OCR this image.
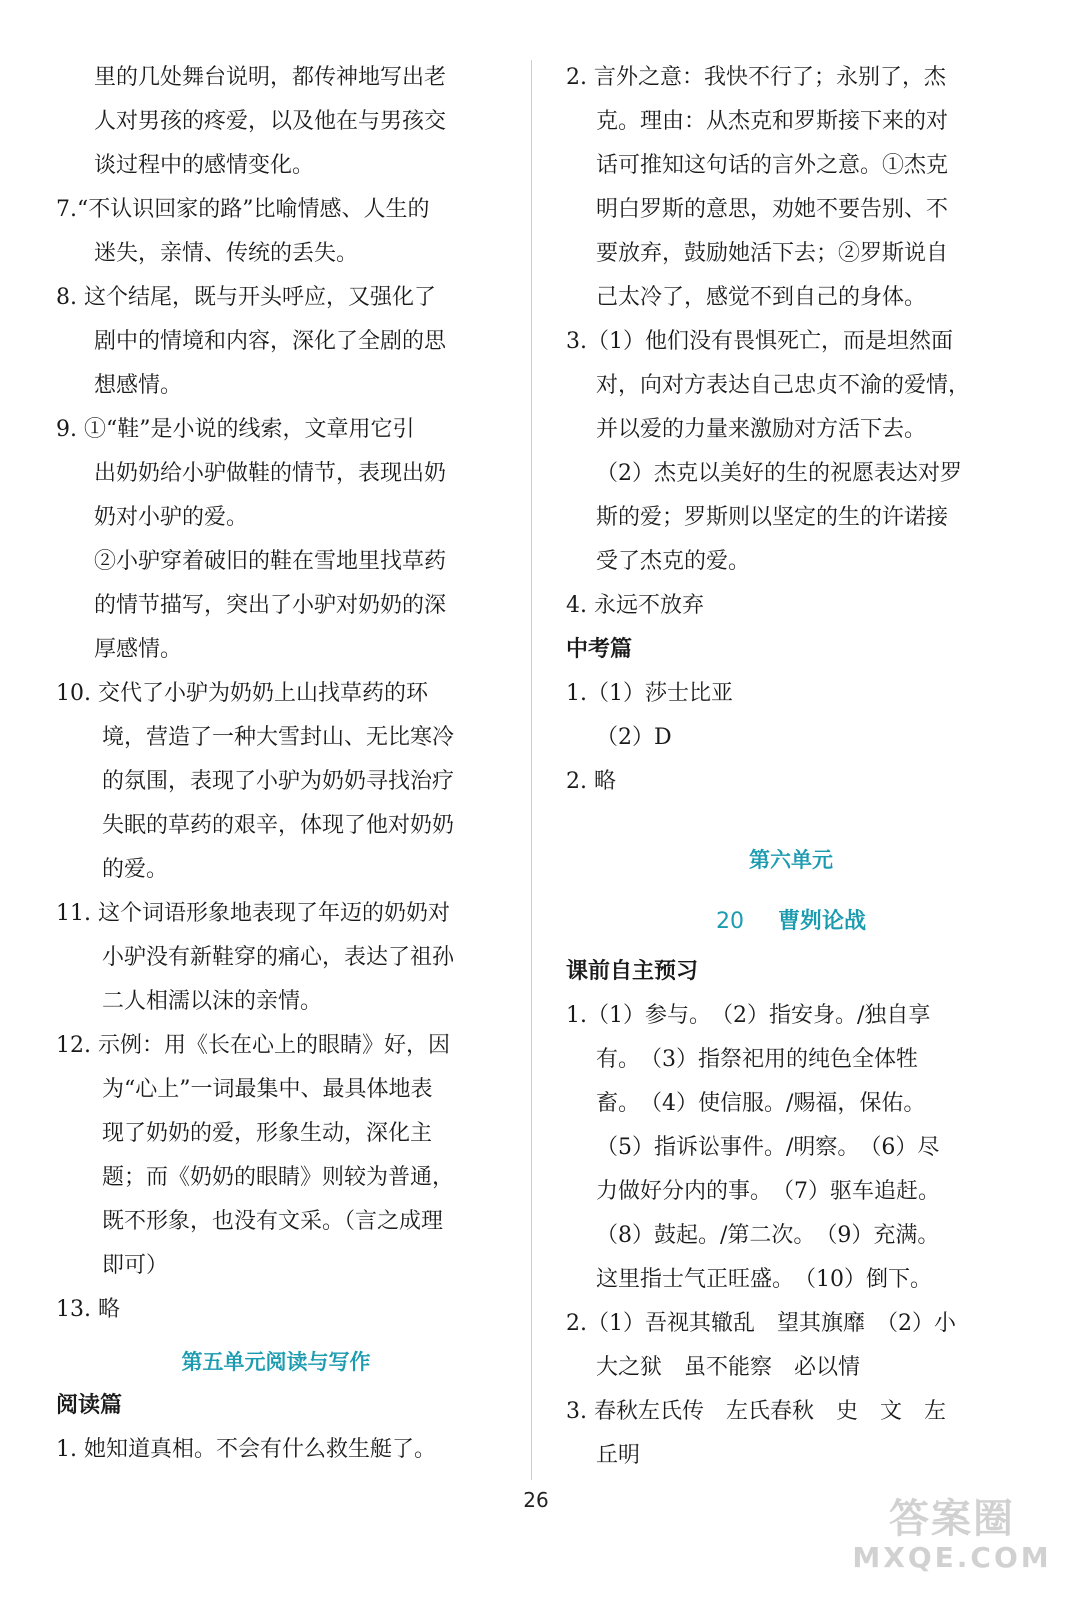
里的几处舞台说明，都传神地写出老
人对男孩的疼爱，以及他在与男孩交
谈过程中的感情变化。
7.“不认识回家的路”比喻情感、人生的
迷失，亲情、传统的丢失。
8. 这个结尾，既与开头呼应，又强化了
剧中的情境和内容，深化了全剧的思
想感情。
9. ①“鞋”是小说的线索，文章用它引
出奶奶给小驴做鞋的情节，表现出奶
奶对小驴的爱。
②小驴穿着破旧的鞋在雪地里找草药
的情节描写，突出了小驴对奶奶的深
厚感情。
10. 交代了小驴为奶奶上山找草药的环
境，营造了一种大雪封山、无比寒冷
的氛围，表现了小驴为奶奶寻找治疗
失眠的草药的艰辛，体现了他对奶奶
的爱。
11. 这个词语形象地表现了年迈的奶奶对
小驴没有新鞋穿的痛心，表达了祖孙
二人相濡以沫的亲情。
12. 示例：用《长在心上的眼睛》好，因
为“心上”一词最集中、最具体地表
现了奶奶的爱，形象生动，深化主
题；而《奶奶的眼睛》则较为普通，
既不形象，也没有文采。（言之成理
即可）
13. 略
第五单元阅读与写作
阅读篇
1. 她知道真相。不会有什么救生艇了。
2. 言外之意：我快不行了；永别了，杰
克。理由：从杰克和罗斯接下来的对
话可推知这句话的言外之意。①杰克
明白罗斯的意思，劝她不要告别、不
要放弃，鼓励她活下去；②罗斯说自
己太冷了，感觉不到自己的身体。
3.（1）他们没有畏惧死亡，而是坦然面
对，向对方表达自己忠贞不渝的爱情，
并以爱的力量来激励对方活下去。
（2）杰克以美好的生的祝愿表达对罗
斯的爱；罗斯则以坚定的生的许诺接
受了杰克的爱。
4. 永远不放弃
中考篇
1.（1）莎士比亚
（2）D
2. 略
第六单元
20 曹刿论战
课前自主预习
1.（1）参与。　（2）指安身。/独自享
有。　（3）指祭祀用的纯色全体牲
畜。　（4）使信服。/赐福，保佑。
（5）指诉讼事件。/明察。　（6）尽
力做好分内的事。　（7）驱车追赶。
（8）鼓起。/第二次。　（9）充满。
这里指士气正旺盛。　（10）倒下。
2.（1）吾视其辙乱　望其旗靡　（2）小
大之狱　虽不能察　必以情
3. 春秋左氏传　左氏春秋　史　文　左
丘明
26	答案圈
MXQE.COM
